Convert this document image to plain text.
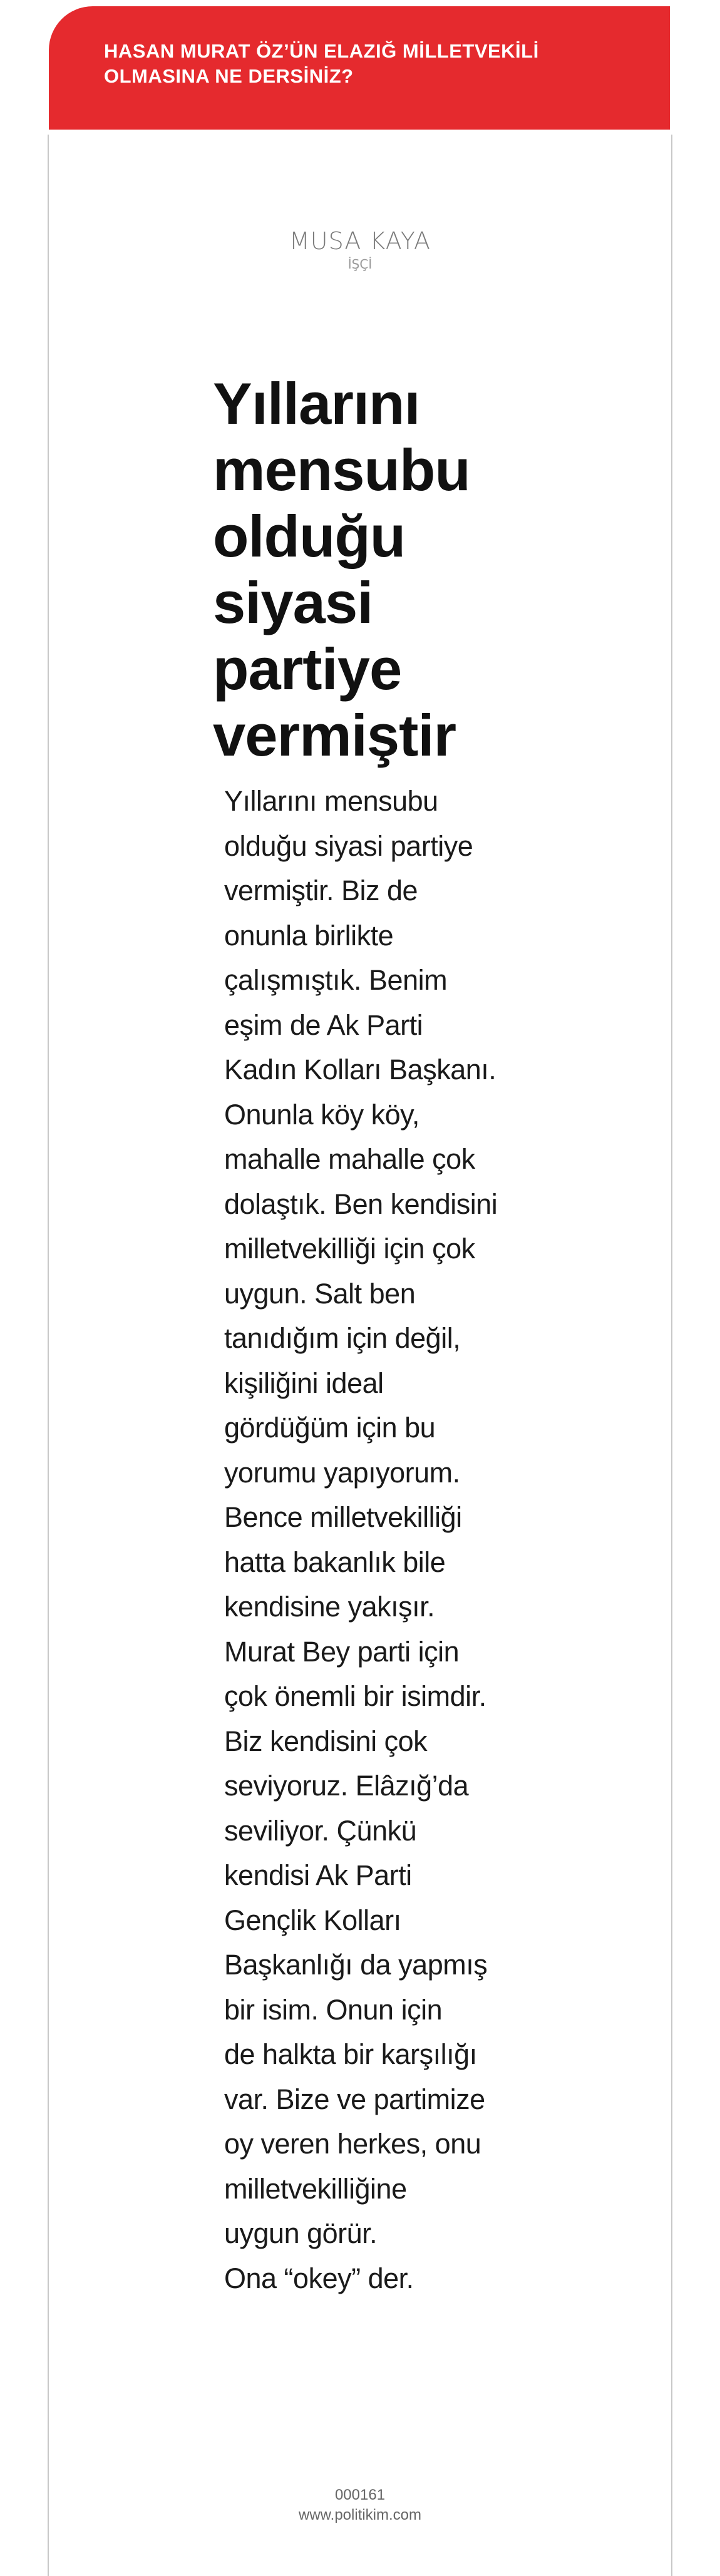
HASAN MURAT ÖZ’ÜN ELAZIĞ MİLLETVEKİLİ OLMASINA NE DERSİNİZ?
MUSA KAYA
İŞÇİ
Yıllarını mensubu olduğu siyasi partiye vermiştir

Yıllarını mensubu
olduğu siyasi partiye
vermiştir. Biz de
onunla birlikte
çalışmıştık. Benim
eşim de Ak Parti
Kadın Kolları Başkanı.
Onunla köy köy,
mahalle mahalle çok
dolaştık. Ben kendisini
milletvekilliği için çok
uygun. Salt ben
tanıdığım için değil,
kişiliğini ideal
gördüğüm için bu
yorumu yapıyorum.
Bence milletvekilliği
hatta bakanlık bile
kendisine yakışır.
Murat Bey parti için
çok önemli bir isimdir.
Biz kendisini çok
seviyoruz. Elâzığ’da
seviliyor. Çünkü
kendisi Ak Parti
Gençlik Kolları
Başkanlığı da yapmış
bir isim. Onun için
de halkta bir karşılığı
var. Bize ve partimize
oy veren herkes, onu
milletvekilliğine
uygun görür.
Ona “okey” der.

000161
www.politikim.com
